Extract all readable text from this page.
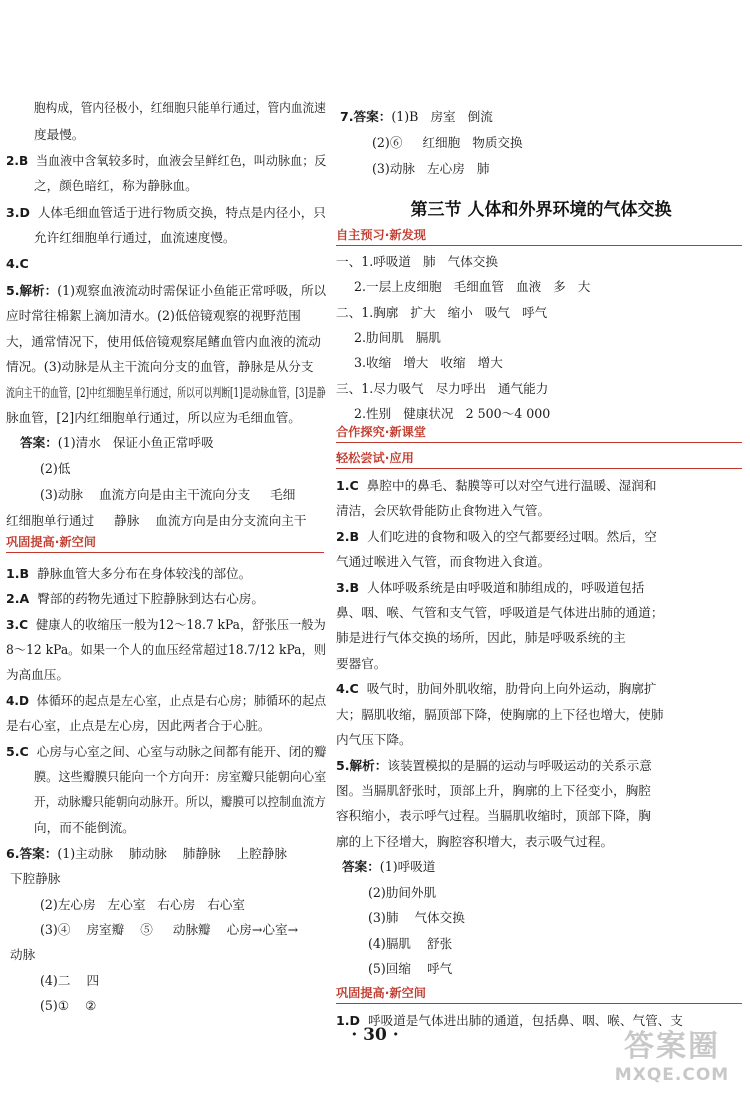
胞构成，管内径极小，红细胞只能单行通过，管内血流速
度最慢。
2.B  当血液中含氧较多时，血液会呈鲜红色，叫动脉血；反
之，颜色暗红，称为静脉血。
3.D  人体毛细血管适于进行物质交换，特点是内径小，只
允许红细胞单行通过，血流速度慢。
4.C
5.解析：(1)观察血液流动时需保证小鱼能正常呼吸，所以
应时常往棉絮上滴加清水。(2)低倍镜观察的视野范围
大，通常情况下，使用低倍镜观察尾鳍血管内血液的流动
情况。(3)动脉是从主干流向分支的血管，静脉是从分支
流向主干的血管，[2]中红细胞呈单行通过，所以可以判断[1]是动脉血管，[3]是静
脉血管，[2]内红细胞单行通过，所以应为毛细血管。
答案：(1)清水   保证小鱼正常呼吸
(2)低
(3)动脉    血流方向是由主干流向分支     毛细
红细胞单行通过     静脉    血流方向是由分支流向主干
1.B  静脉血管大多分布在身体较浅的部位。
2.A  臀部的药物先通过下腔静脉到达右心房。
3.C  健康人的收缩压一般为12～18.7 kPa，舒张压一般为
8～12 kPa。如果一个人的血压经常超过18.7/12 kPa，则
为高血压。
4.D  体循环的起点是左心室，止点是右心房；肺循环的起点
是右心室，止点是左心房，因此两者合于心脏。
5.C  心房与心室之间、心室与动脉之间都有能开、闭的瓣
膜。这些瓣膜只能向一个方向开：房室瓣只能朝向心室
开，动脉瓣只能朝向动脉开。所以，瓣膜可以控制血流方
向，而不能倒流。
6.答案：(1)主动脉    肺动脉    肺静脉    上腔静脉
下腔静脉
(2)左心房   左心室   右心房   右心室
(3)④    房室瓣    ⑤     动脉瓣    心房→心室→
动脉
(4)二    四
(5)①    ②
巩固提高·新空间
7.答案：(1)B   房室   倒流
(2)⑥     红细胞   物质交换
(3)动脉   左心房   肺
一、1.呼吸道   肺   气体交换
2.一层上皮细胞   毛细血管   血液   多   大
二、1.胸廓   扩大   缩小   吸气   呼气
2.肋间肌   膈肌
3.收缩   增大   收缩   增大
三、1.尽力吸气   尽力呼出   通气能力
2.性别   健康状况   2 500～4 000
1.C  鼻腔中的鼻毛、黏膜等可以对空气进行温暖、湿润和
清洁，会厌软骨能防止食物进入气管。
2.B  人们吃进的食物和吸入的空气都要经过咽。然后，空
气通过喉进入气管，而食物进入食道。
3.B  人体呼吸系统是由呼吸道和肺组成的，呼吸道包括
鼻、咽、喉、气管和支气管，呼吸道是气体进出肺的通道；
肺是进行气体交换的场所，因此，肺是呼吸系统的主
要器官。
4.C  吸气时，肋间外肌收缩，肋骨向上向外运动，胸廓扩
大；膈肌收缩，膈顶部下降，使胸廓的上下径也增大，使肺
内气压下降。
5.解析：该装置模拟的是膈的运动与呼吸运动的关系示意
图。当膈肌舒张时，顶部上升，胸廓的上下径变小，胸腔
容积缩小，表示呼气过程。当膈肌收缩时，顶部下降，胸
廓的上下径增大，胸腔容积增大，表示吸气过程。
答案：(1)呼吸道
(2)肋间外肌
(3)肺    气体交换
(4)膈肌    舒张
(5)回缩    呼气
1.D  呼吸道是气体进出肺的通道，包括鼻、咽、喉、气管、支
自主预习·新发现
合作探究·新课堂
轻松尝试·应用
巩固提高·新空间
第三节 人体和外界环境的气体交换
· 30 ·	答案圈
MXQE.COM
